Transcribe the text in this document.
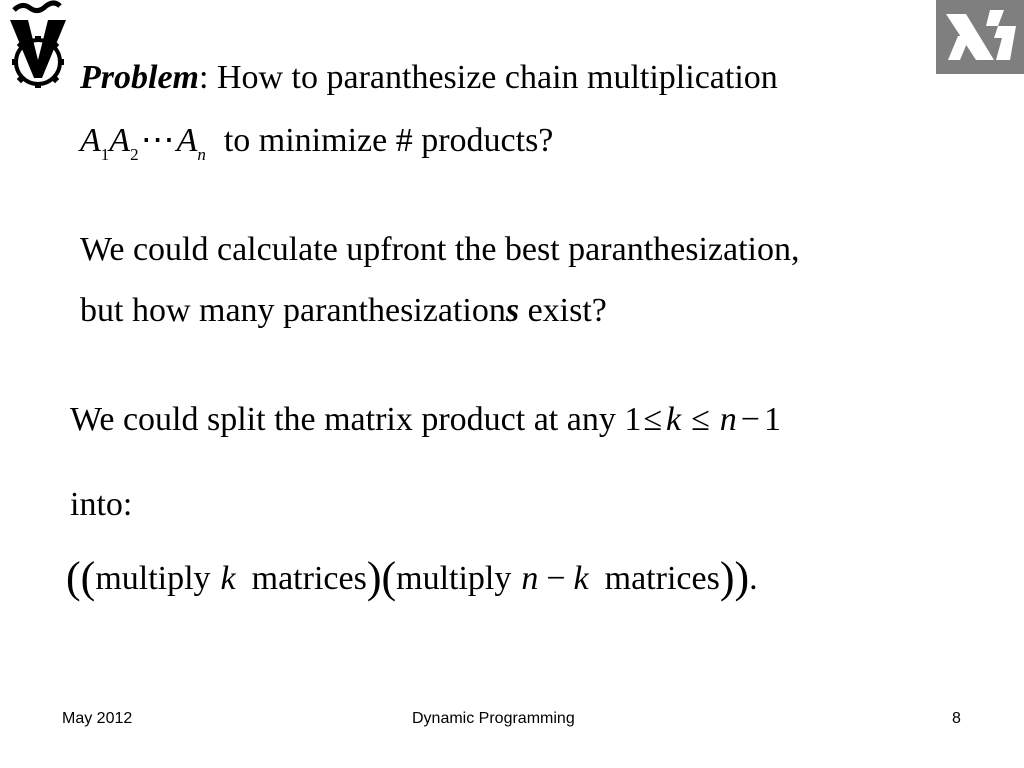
Problem: How to paranthesize chain multiplication
$A_1A_2\cdots A_n$ to minimize # products?
We could calculate upfront the best paranthesization,
but how many paranthesizations exist?
We could split the matrix product at any 1≤ k ≤ n − 1
into:
((multiply k matrices)(multiply n − k matrices)).
May 2012	Dynamic Programming	8
